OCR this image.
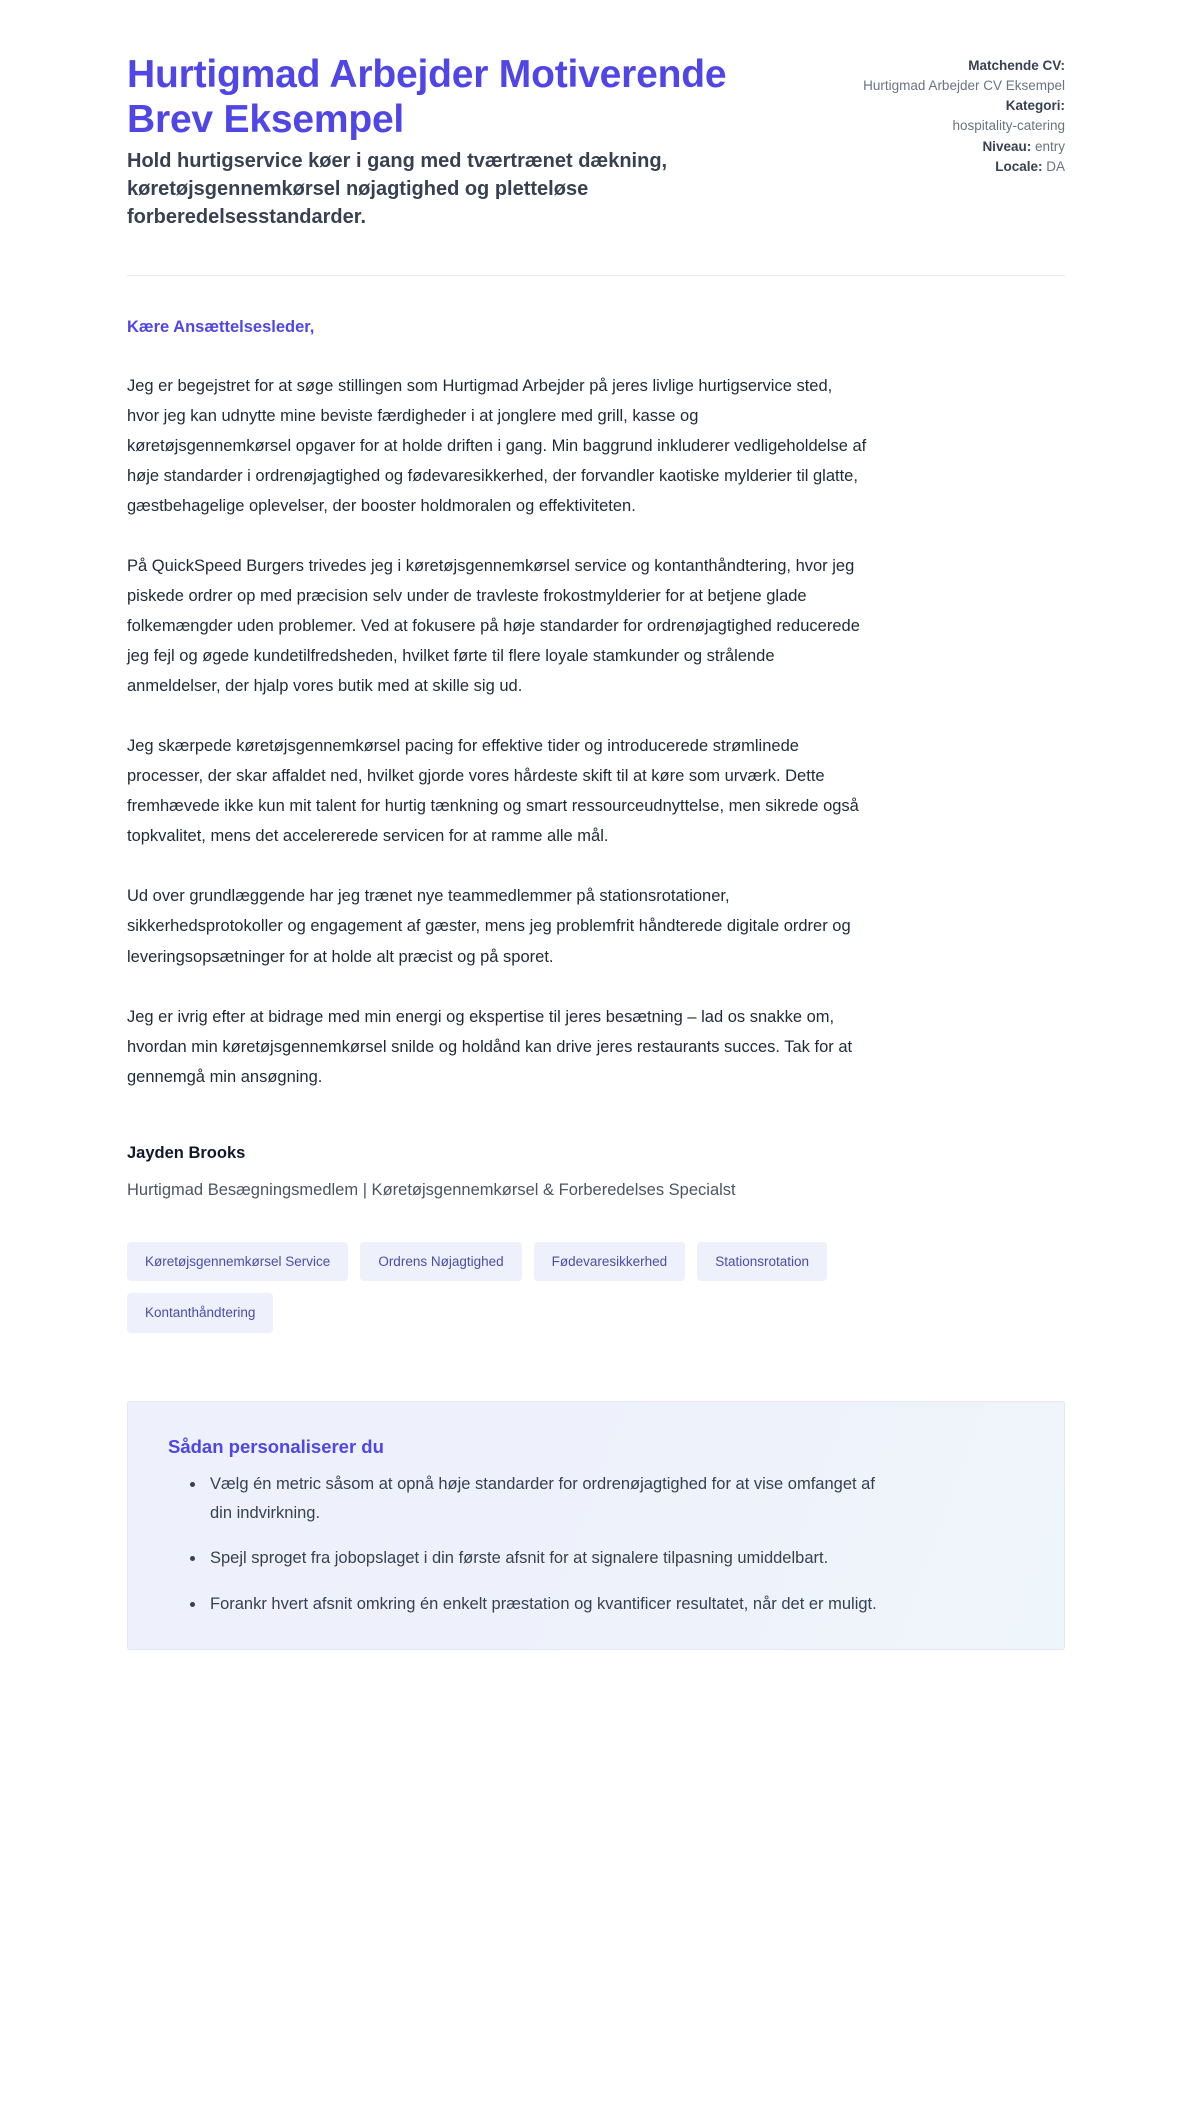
Hurtigmad Arbejder Motiverende Brev Eksempel

Hold hurtigservice køer i gang med tværtrænet dækning, køretøjsgennemkørsel nøjagtighed og pletteløse forberedelsesstandarder.

Matchende CV:
Hurtigmad Arbejder CV Eksempel
Kategori:
hospitality-catering
Niveau: entry
Locale: DA

Kære Ansættelsesleder,

Jeg er begejstret for at søge stillingen som Hurtigmad Arbejder på jeres livlige hurtigservice sted, hvor jeg kan udnytte mine beviste færdigheder i at jonglere med grill, kasse og køretøjsgennemkørsel opgaver for at holde driften i gang. Min baggrund inkluderer vedligeholdelse af høje standarder i ordrenøjagtighed og fødevaresikkerhed, der forvandler kaotiske mylderier til glatte, gæstbehagelige oplevelser, der booster holdmoralen og effektiviteten.

På QuickSpeed Burgers trivedes jeg i køretøjsgennemkørsel service og kontanthåndtering, hvor jeg piskede ordrer op med præcision selv under de travleste frokostmylderier for at betjene glade folkemængder uden problemer. Ved at fokusere på høje standarder for ordrenøjagtighed reducerede jeg fejl og øgede kundetilfredsheden, hvilket førte til flere loyale stamkunder og strålende anmeldelser, der hjalp vores butik med at skille sig ud.

Jeg skærpede køretøjsgennemkørsel pacing for effektive tider og introducerede strømlinede processer, der skar affaldet ned, hvilket gjorde vores hårdeste skift til at køre som urværk. Dette fremhævede ikke kun mit talent for hurtig tænkning og smart ressourceudnyttelse, men sikrede også topkvalitet, mens det accelererede servicen for at ramme alle mål.

Ud over grundlæggende har jeg trænet nye teammedlemmer på stationsrotationer, sikkerhedsprotokoller og engagement af gæster, mens jeg problemfrit håndterede digitale ordrer og leveringsopsætninger for at holde alt præcist og på sporet.

Jeg er ivrig efter at bidrage med min energi og ekspertise til jeres besætning – lad os snakke om, hvordan min køretøjsgennemkørsel snilde og holdånd kan drive jeres restaurants succes. Tak for at gennemgå min ansøgning.

Jayden Brooks

Hurtigmad Besægningsmedlem | Køretøjsgennemkørsel & Forberedelses Specialst

Køretøjsgennemkørsel Service	Ordrens Nøjagtighed	Fødevaresikkerhed	Stationsrotation
Kontanthåndtering
Sådan personaliserer du
Vælg én metric såsom at opnå høje standarder for ordrenøjagtighed for at vise omfanget af din indvirkning.
Spejl sproget fra jobopslaget i din første afsnit for at signalere tilpasning umiddelbart.
Forankr hvert afsnit omkring én enkelt præstation og kvantificer resultatet, når det er muligt.
